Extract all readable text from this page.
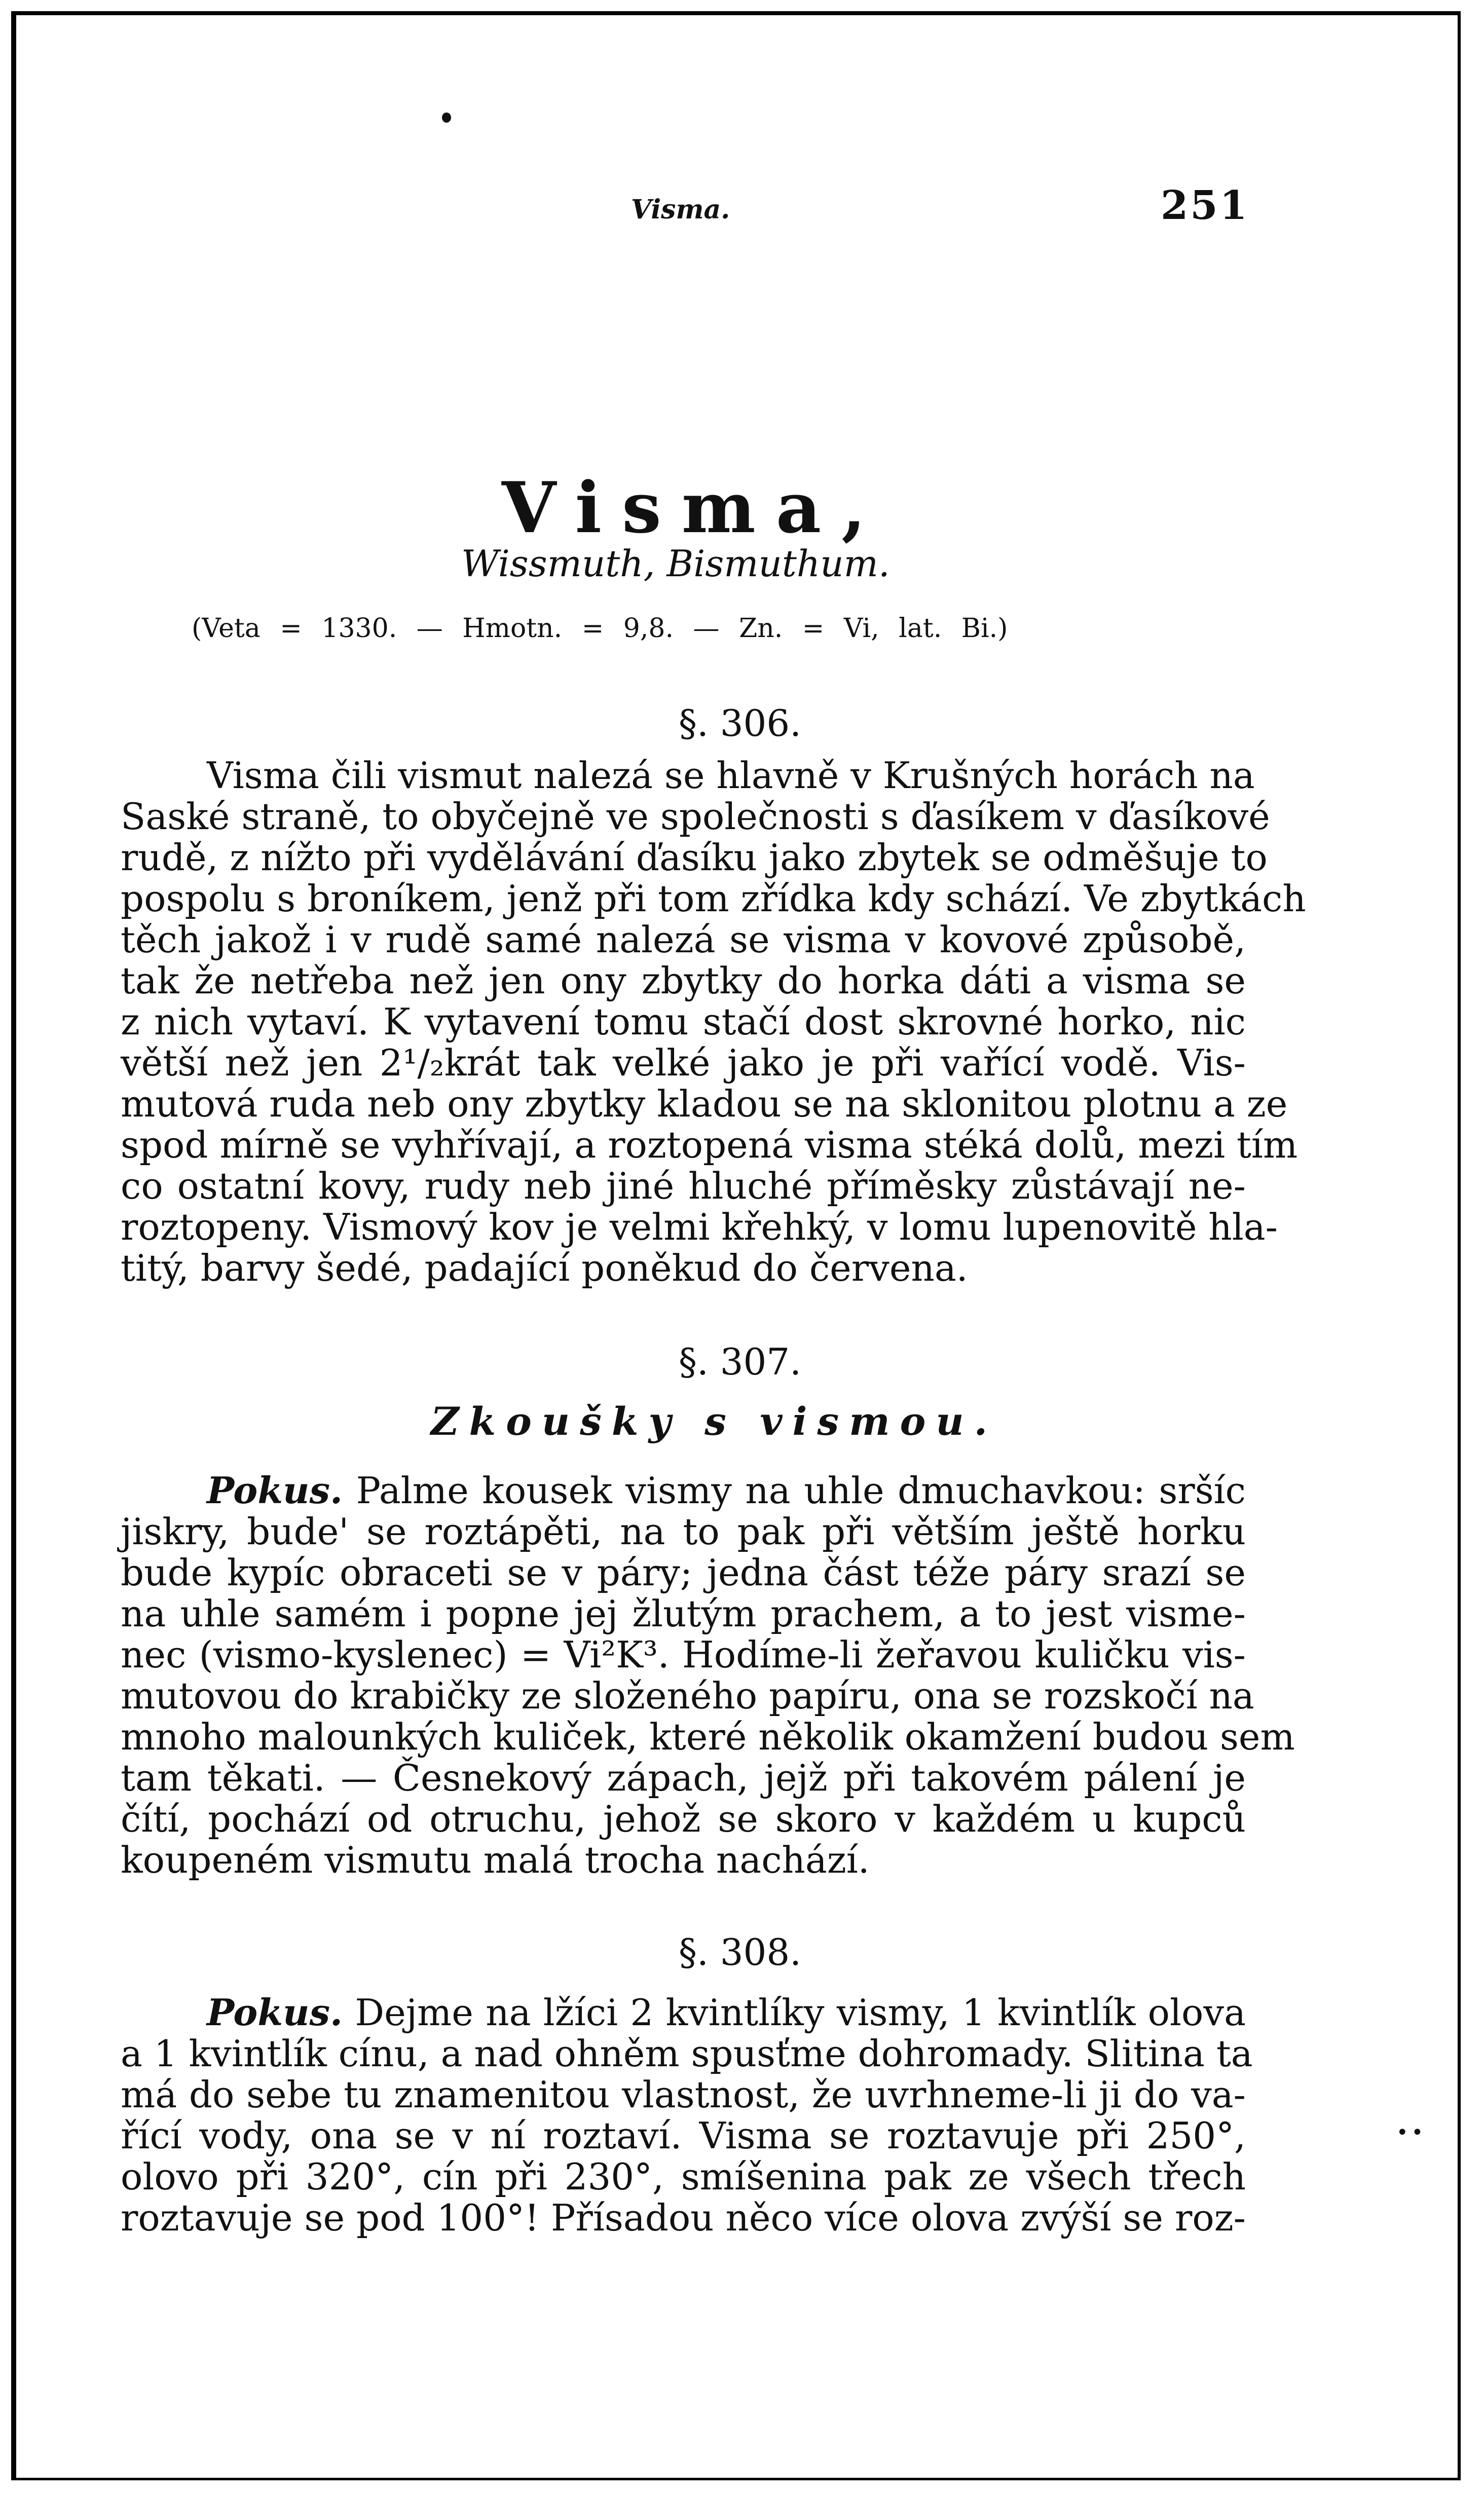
••
Visma.	251
Visma,
Wissmuth, Bismuthum.
(Veta = 1330. — Hmotn. = 9,8. — Zn. = Vi, lat. Bi.)
§. 306.
Visma čili vismut nalezá se hlavně v Krušných horách na
Saské straně, to obyčejně ve společnosti s ďasíkem v ďasíkové
rudě, z nížto při vydělávání ďasíku jako zbytek se odměšuje to
pospolu s broníkem, jenž při tom zřídka kdy schází. Ve zbytkách
těch jakož i v rudě samé nalezá se visma v kovové způsobě,
tak že netřeba než jen ony zbytky do horka dáti a visma se
z nich vytaví. K vytavení tomu stačí dost skrovné horko, nic
větší než jen 2¹/₂krát tak velké jako je při vařící vodě. Vis-
mutová ruda neb ony zbytky kladou se na sklonitou plotnu a ze
spod mírně se vyhřívají, a roztopená visma stéká dolů, mezi tím
co ostatní kovy, rudy neb jiné hluché příměsky zůstávají ne-
roztopeny. Vismový kov je velmi křehký, v lomu lupenovitě hla-
titý, barvy šedé, padající poněkud do červena.
§. 307.
Zkoušky s vismou.
Pokus. Palme kousek vismy na uhle dmuchavkou: sršíc
jiskry, bude' se roztápěti, na to pak při větším ještě horku
bude kypíc obraceti se v páry; jedna část téže páry srazí se
na uhle samém i popne jej žlutým prachem, a to jest visme-
nec (vismo-kyslenec) = Vi²K³. Hodíme-li žeřavou kuličku vis-
mutovou do krabičky ze složeného papíru, ona se rozskočí na
mnoho malounkých kuliček, které několik okamžení budou sem
tam těkati. — Česnekový zápach, jejž při takovém pálení je
čítí, pochází od otruchu, jehož se skoro v každém u kupců
koupeném vismutu malá trocha nachází.
§. 308.
Pokus. Dejme na lžíci 2 kvintlíky vismy, 1 kvintlík olova
a 1 kvintlík cínu, a nad ohněm spusťme dohromady. Slitina ta
má do sebe tu znamenitou vlastnost, že uvrhneme-li ji do va-
řící vody, ona se v ní roztaví. Visma se roztavuje při 250°,
olovo při 320°, cín při 230°, smíšenina pak ze všech třech
roztavuje se pod 100°! Přísadou něco více olova zvýší se roz-
